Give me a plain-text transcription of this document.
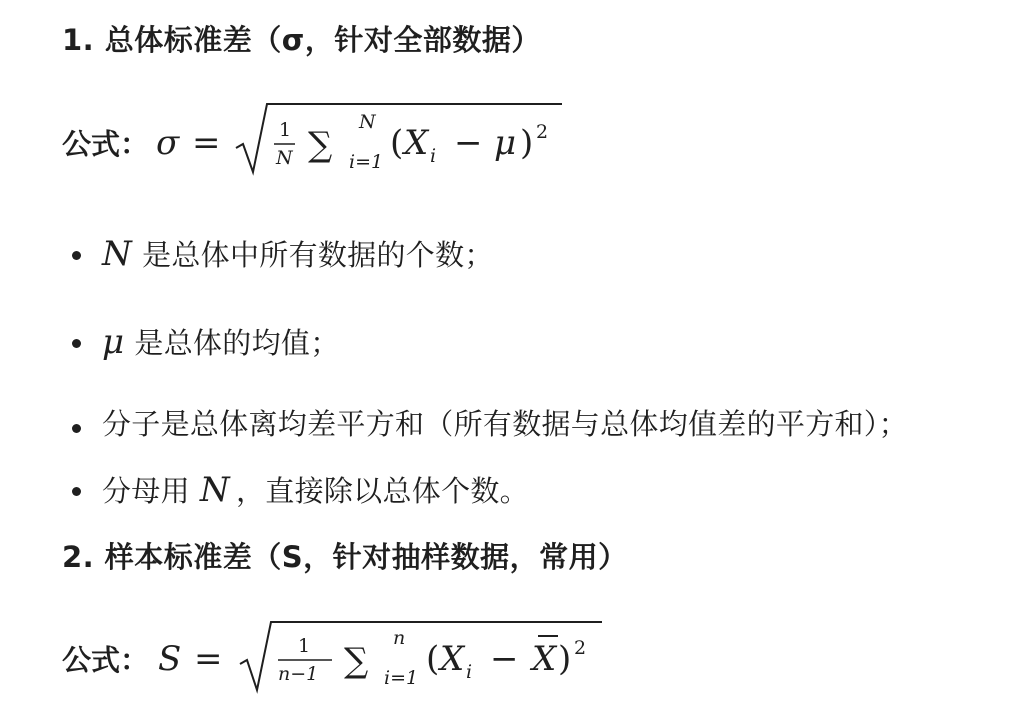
1. 总体标准差（σ，针对全部数据）
公式： σ =	1
N ∑
N
i=1 ( X i − μ ) 2
N 是总体中所有数据的个数；
μ 是总体的均值；
分子是总体离均差平方和（所有数据与总体均值差的平方和）；
分母用 N ，直接除以总体个数。
2. 样本标准差（S，针对抽样数据，常用）
公式： S =	1
n−1 ∑
n
i=1 ( X i − X ) 2
